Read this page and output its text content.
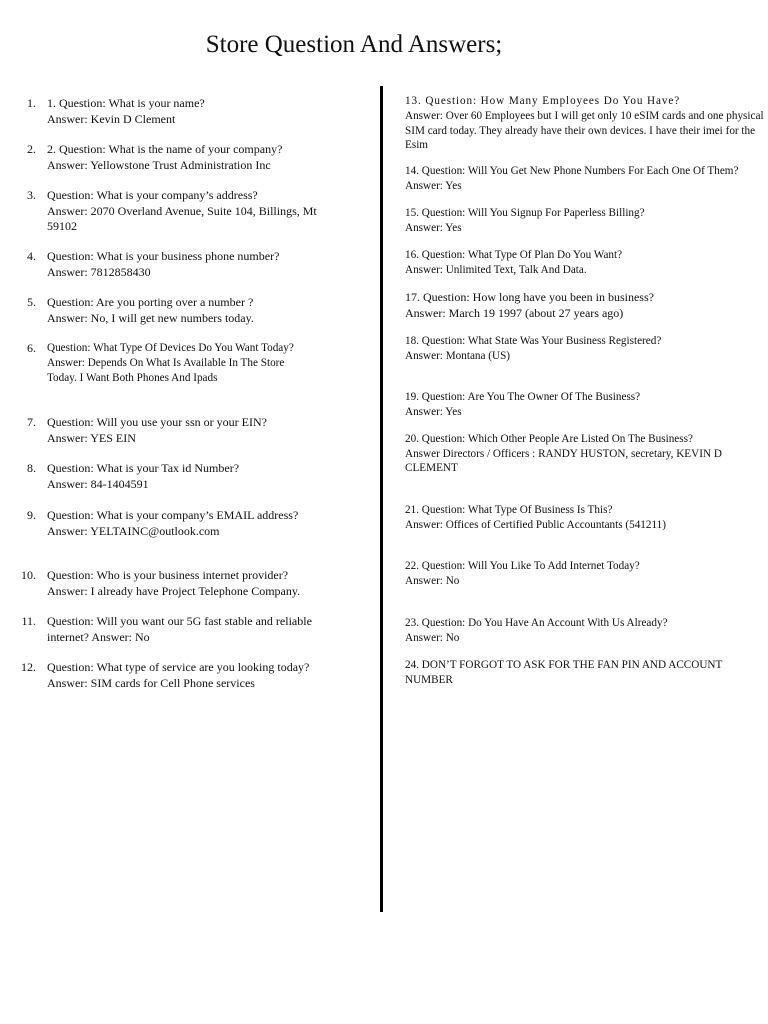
Store Question And Answers;
1. 1. Question: What is your name?
Answer: Kevin D Clement
2. 2. Question: What is the name of your company?
Answer: Yellowstone Trust Administration Inc
3. Question: What is your company’s address?
Answer: 2070 Overland Avenue, Suite 104, Billings, Mt
59102
4. Question: What is your business phone number?
Answer: 7812858430
5. Question: Are you porting over a number ?
Answer: No, I will get new numbers today.
6. Question: What Type Of Devices Do You Want Today?
Answer: Depends On What Is Available In The Store
Today. I Want Both Phones And Ipads
7. Question: Will you use your ssn or your EIN?
Answer: YES EIN
8. Question: What is your Tax id Number?
Answer: 84-1404591
9. Question: What is your company’s EMAIL address?
Answer: YELTAINC@outlook.com
10. Question: Who is your business internet provider?
Answer: I already have Project Telephone Company.
11. Question: Will you want our 5G fast stable and reliable
internet? Answer: No
12. Question: What type of service are you looking today?
Answer: SIM cards for Cell Phone services
13. Question: How Many Employees Do You Have?
Answer: Over 60 Employees but I will get only 10 eSIM cards and one physical SIM card today. They already have their own devices. I have their imei for the Esim
14. Question: Will You Get New Phone Numbers For Each One Of Them?
Answer: Yes
15. Question: Will You Signup For Paperless Billing?
Answer: Yes
16. Question: What Type Of Plan Do You Want?
Answer: Unlimited Text, Talk And Data.
17. Question: How long have you been in business?
Answer: March 19 1997 (about 27 years ago)
18. Question: What State Was Your Business Registered?
Answer: Montana (US)
19. Question: Are You The Owner Of The Business?
Answer: Yes
20. Question: Which Other People Are Listed On The Business?
Answer Directors / Officers : RANDY HUSTON, secretary, KEVIN D
CLEMENT
21. Question: What Type Of Business Is This?
Answer: Offices of Certified Public Accountants (541211)
22. Question: Will You Like To Add Internet Today?
Answer: No
23. Question: Do You Have An Account With Us Already?
Answer: No
24. DON’T FORGOT TO ASK FOR THE FAN PIN AND ACCOUNT
NUMBER
